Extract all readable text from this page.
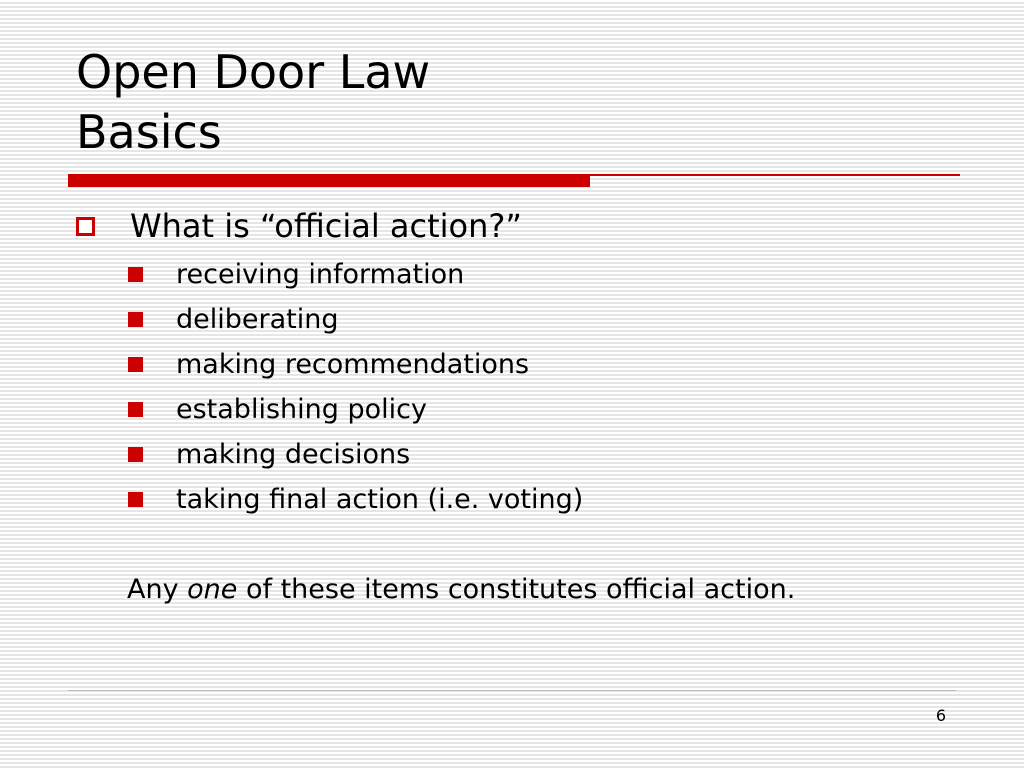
Open Door Law
Basics
What is “official action?”
receiving information
deliberating
making recommendations
establishing policy
making decisions
taking final action (i.e. voting)
Any one of these items constitutes official action.
6
